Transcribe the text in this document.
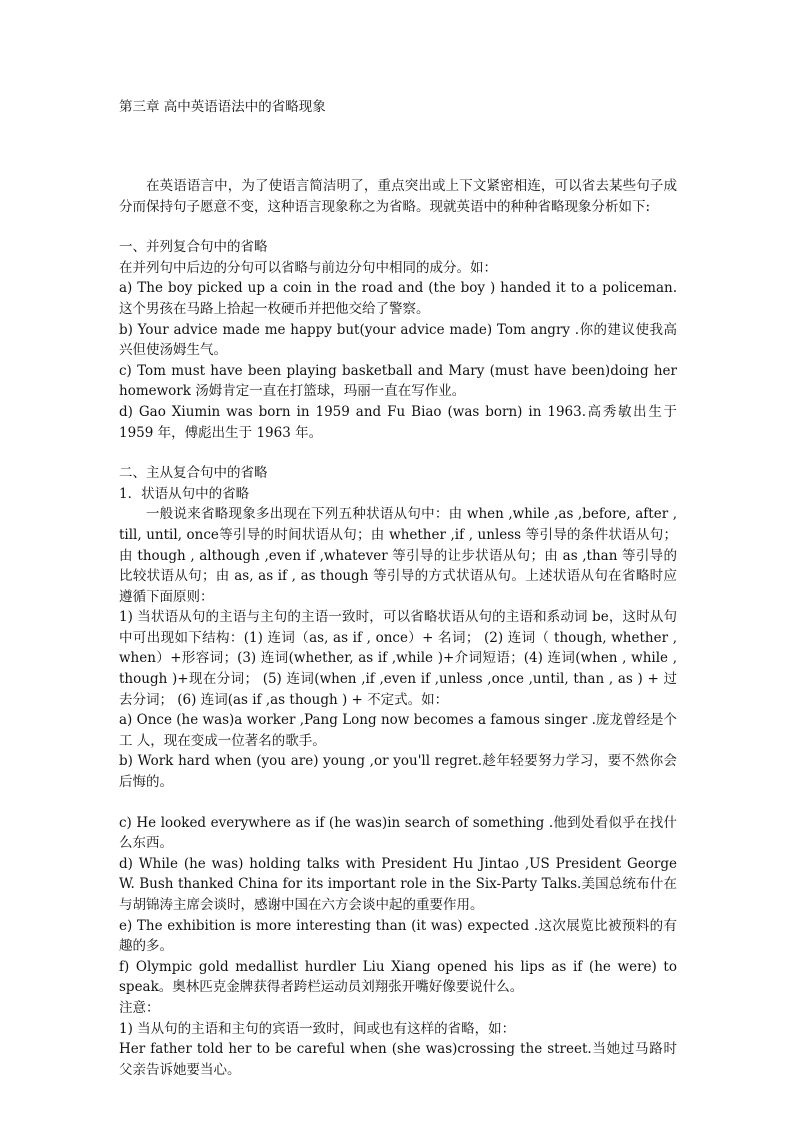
第三章 高中英语语法中的省略现象

在英语语言中，为了使语言简洁明了，重点突出或上下文紧密相连，可以省去某些句子成分而保持句子愿意不变，这种语言现象称之为省略。现就英语中的种种省略现象分析如下:

一、并列复合句中的省略

在并列句中后边的分句可以省略与前边分句中相同的成分。如：

a) The boy picked up a coin in the road and (the boy ) handed it to a policeman. 这个男孩在马路上拾起一枚硬币并把他交给了警察。

b) Your advice made me happy but(your advice made) Tom angry .你的建议使我高兴但使汤姆生气。

c) Tom must have been playing basketball and Mary (must have been)doing her homework 汤姆肯定一直在打篮球，玛丽一直在写作业。

d) Gao Xiumin was born in 1959 and Fu Biao (was born) in 1963.高秀敏出生于 1959 年，傅彪出生于 1963 年。

二、主从复合句中的省略

1．状语从句中的省略

一般说来省略现象多出现在下列五种状语从句中：由 when ,while ,as ,before, after , till, until, once等引导的时间状语从句；由 whether ,if , unless 等引导的条件状语从句；由 though , although ,even if ,whatever 等引导的让步状语从句；由 as ,than 等引导的比较状语从句；由 as, as if , as though 等引导的方式状语从句。上述状语从句在省略时应遵循下面原则：

1) 当状语从句的主语与主句的主语一致时，可以省略状语从句的主语和系动词 be，这时从句中可出现如下结构：(1) 连词（as, as if , once）+ 名词； (2) 连词（ though, whether , when）+形容词；(3) 连词(whether, as if ,while )+介词短语；(4) 连词(when , while , though )+现在分词； (5) 连词(when ,if ,even if ,unless ,once ,until, than , as ) + 过去分词； (6) 连词(as if ,as though ) + 不定式。如：

a) Once (he was)a worker ,Pang Long now becomes a famous singer .庞龙曾经是个工 人，现在变成一位著名的歌手。

b) Work hard when (you are) young ,or you'll regret.趁年轻要努力学习，要不然你会后悔的。

c) He looked everywhere as if (he was)in search of something .他到处看似乎在找什么东西。

d) While (he was) holding talks with President Hu Jintao ,US President George W. Bush thanked China for its important role in the Six-Party Talks.美国总统布什在与胡锦涛主席会谈时，感谢中国在六方会谈中起的重要作用。

e) The exhibition is more interesting than (it was) expected .这次展览比被预料的有趣的多。

f) Olympic gold medallist hurdler Liu Xiang opened his lips as if (he were) to speak。奥林匹克金牌获得者跨栏运动员刘翔张开嘴好像要说什么。

注意：

1) 当从句的主语和主句的宾语一致时，间或也有这样的省略，如：

Her father told her to be careful when (she was)crossing the street.当她过马路时父亲告诉她要当心。
